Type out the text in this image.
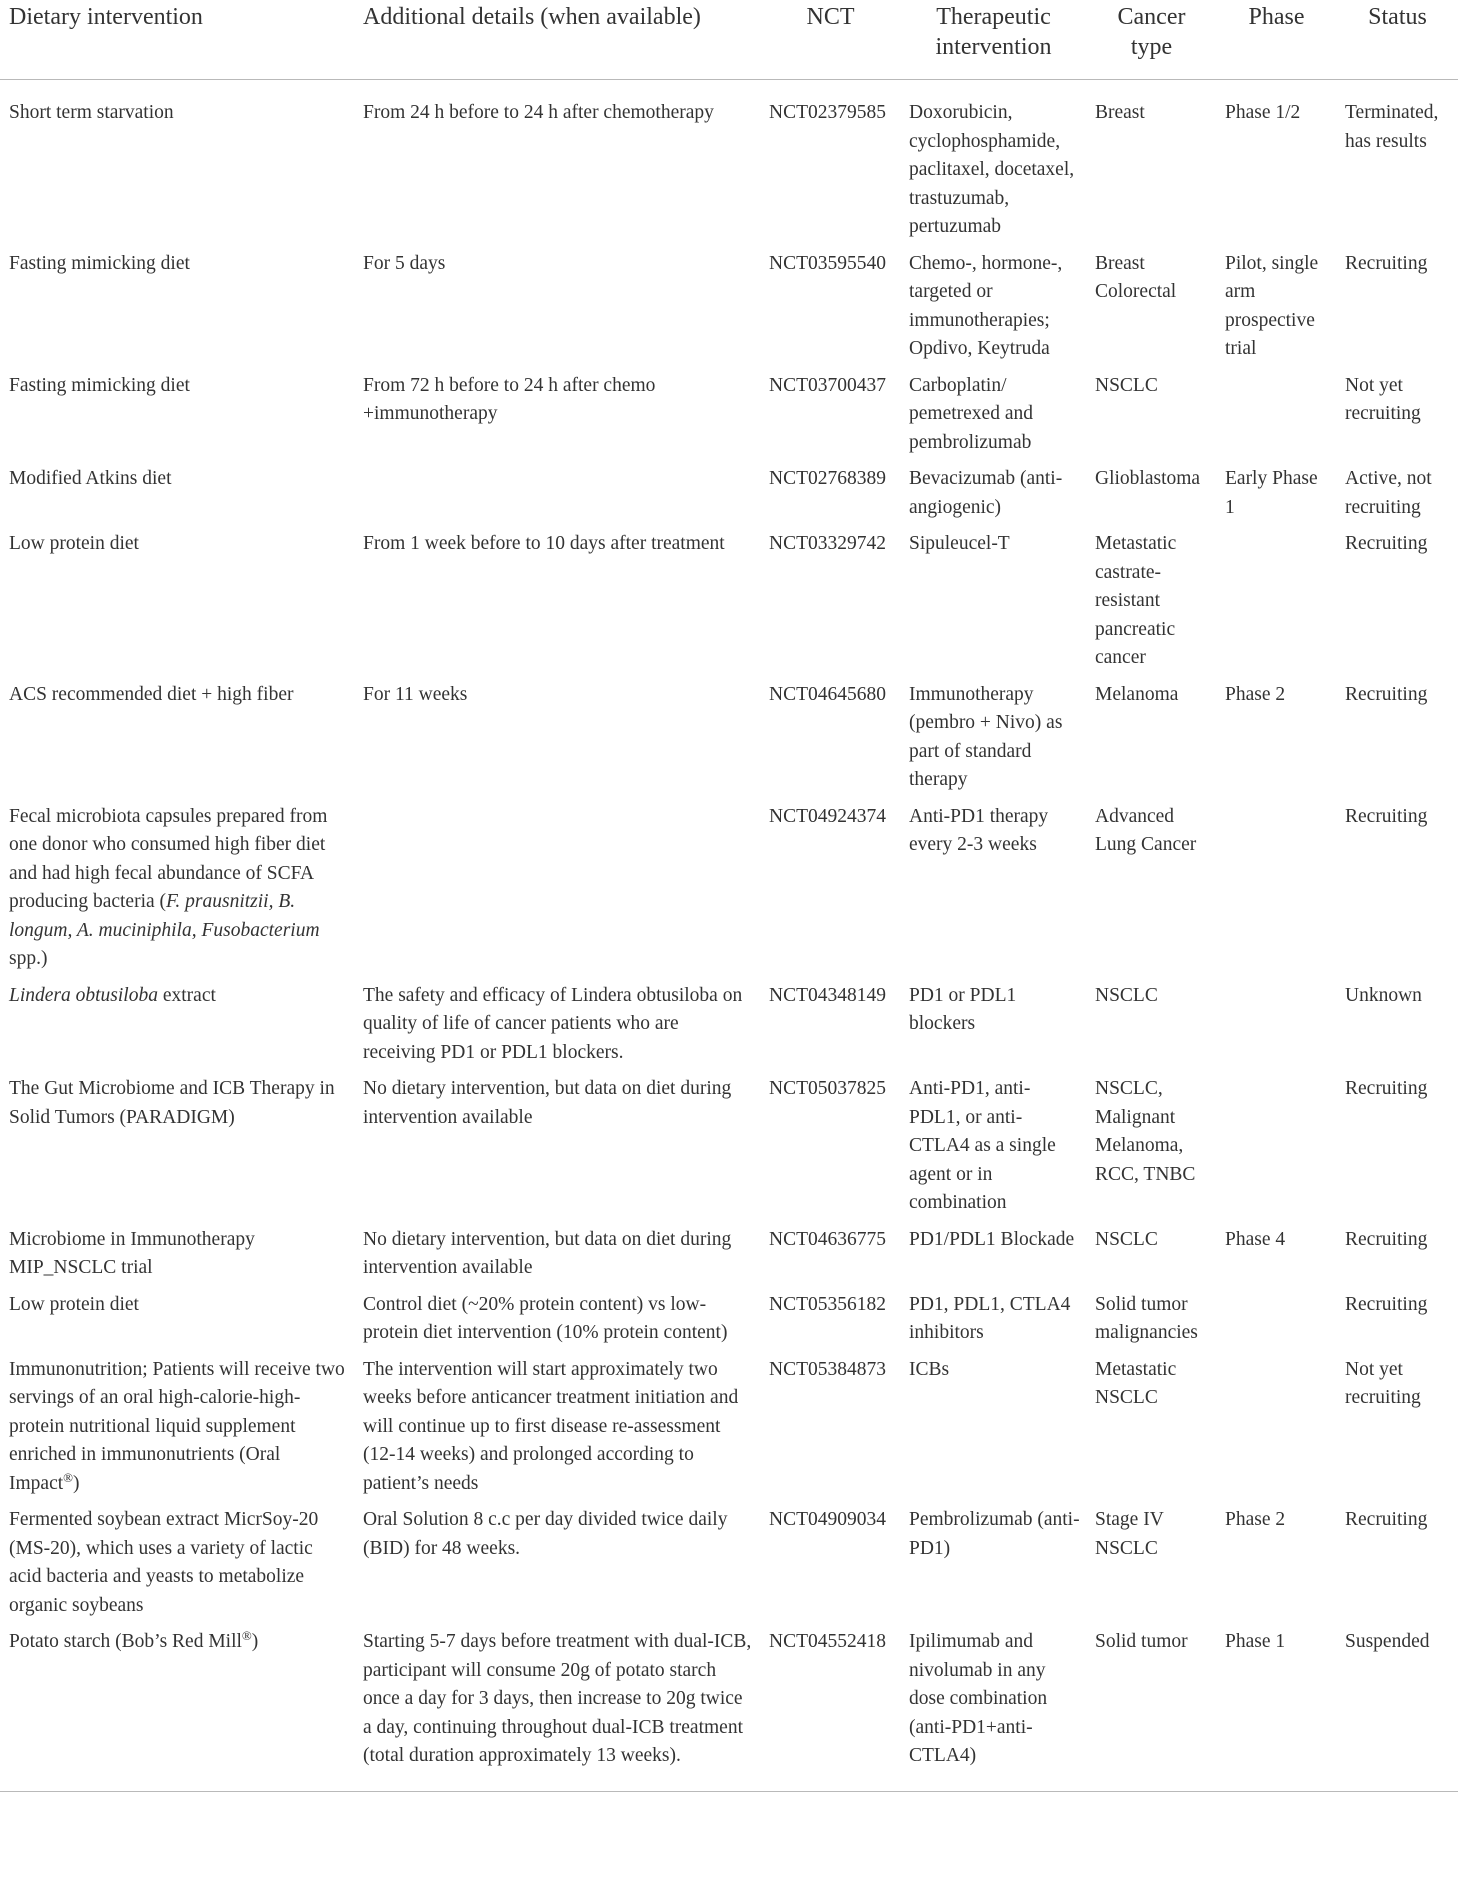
Dietary intervention	Additional details (when available)	NCT	Therapeutic intervention	Cancer type	Phase	Status
Short term starvation	From 24 h before to 24 h after chemotherapy	NCT02379585	Doxorubicin, cyclophosphamide, paclitaxel, docetaxel, trastuzumab, pertuzumab	Breast	Phase 1/2	Terminated, has results
Fasting mimicking diet	For 5 days	NCT03595540	Chemo-, hormone-, targeted or immunotherapies; Opdivo, Keytruda	Breast Colorectal	Pilot, single arm prospective trial	Recruiting
Fasting mimicking diet	From 72 h before to 24 h after chemo +immunotherapy	NCT03700437	Carboplatin/ pemetrexed and pembrolizumab	NSCLC		Not yet recruiting
Modified Atkins diet		NCT02768389	Bevacizumab (anti-angiogenic)	Glioblastoma	Early Phase 1	Active, not recruiting
Low protein diet	From 1 week before to 10 days after treatment	NCT03329742	Sipuleucel-T	Metastatic castrate-resistant pancreatic cancer		Recruiting
ACS recommended diet + high fiber	For 11 weeks	NCT04645680	Immunotherapy (pembro + Nivo) as part of standard therapy	Melanoma	Phase 2	Recruiting
Fecal microbiota capsules prepared from one donor who consumed high fiber diet and had high fecal abundance of SCFA producing bacteria (F. prausnitzii, B. longum, A. muciniphila, Fusobacterium spp.)		NCT04924374	Anti-PD1 therapy every 2-3 weeks	Advanced Lung Cancer		Recruiting
Lindera obtusiloba extract	The safety and efficacy of Lindera obtusiloba on quality of life of cancer patients who are receiving PD1 or PDL1 blockers.	NCT04348149	PD1 or PDL1 blockers	NSCLC		Unknown
The Gut Microbiome and ICB Therapy in Solid Tumors (PARADIGM)	No dietary intervention, but data on diet during intervention available	NCT05037825	Anti-PD1, anti-PDL1, or anti-CTLA4 as a single agent or in combination	NSCLC, Malignant Melanoma, RCC, TNBC		Recruiting
Microbiome in Immunotherapy MIP_NSCLC trial	No dietary intervention, but data on diet during intervention available	NCT04636775	PD1/PDL1 Blockade	NSCLC	Phase 4	Recruiting
Low protein diet	Control diet (~20% protein content) vs low-protein diet intervention (10% protein content)	NCT05356182	PD1, PDL1, CTLA4 inhibitors	Solid tumor malignancies		Recruiting
Immunonutrition; Patients will receive two servings of an oral high-calorie-high-protein nutritional liquid supplement enriched in immunonutrients (Oral Impact®)	The intervention will start approximately two weeks before anticancer treatment initiation and will continue up to first disease re-assessment (12-14 weeks) and prolonged according to patient’s needs	NCT05384873	ICBs	Metastatic NSCLC		Not yet recruiting
Fermented soybean extract MicrSoy-20 (MS-20), which uses a variety of lactic acid bacteria and yeasts to metabolize organic soybeans	Oral Solution 8 c.c per day divided twice daily (BID) for 48 weeks.	NCT04909034	Pembrolizumab (anti-PD1)	Stage IV NSCLC	Phase 2	Recruiting
Potato starch (Bob’s Red Mill®)	Starting 5-7 days before treatment with dual-ICB, participant will consume 20g of potato starch once a day for 3 days, then increase to 20g twice a day, continuing throughout dual-ICB treatment (total duration approximately 13 weeks).	NCT04552418	Ipilimumab and nivolumab in any dose combination (anti-PD1+anti-CTLA4)	Solid tumor	Phase 1	Suspended
